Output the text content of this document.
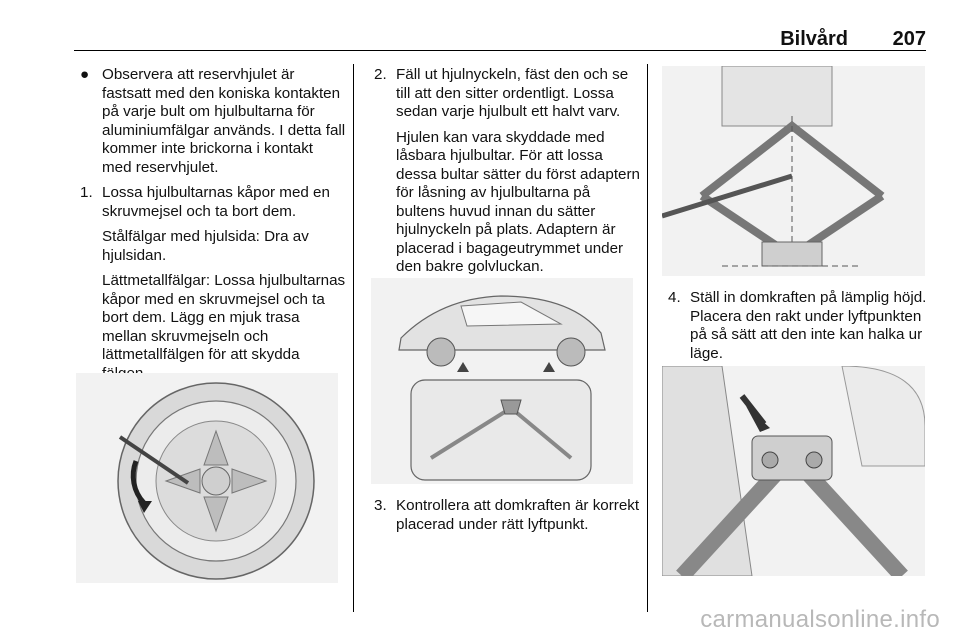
Bilvård 207
● Observera att reservhjulet är fastsatt med den koniska kontakten på varje bult om hjulbultarna för aluminiumfälgar används. I detta fall kommer inte brickorna i kontakt med reservhjulet.

1. Lossa hjulbultarnas kåpor med en skruvmejsel och ta bort dem.

Stålfälgar med hjulsida: Dra av hjulsidan.

Lättmetallfälgar: Lossa hjulbultarnas kåpor med en skruvmejsel och ta bort dem. Lägg en mjuk trasa mellan skruvmejseln och lättmetallfälgen för att skydda

2. Fäll ut hjulnyckeln, fäst den och se till att den sitter ordentligt. Lossa sedan varje hjulbult ett halvt varv.

Hjulen kan vara skyddade med låsbara hjulbultar. För att lossa dessa bultar sätter du först adaptern för låsning av hjulbultarna på bultens huvud innan du sätter hjulnyckeln på plats. Adaptern är placerad i bagageutrymmet under den bakre golvluckan.

3. Kontrollera att domkraften är korrekt placerad under rätt lyftpunkt.

4. Ställ in domkraften på lämplig höjd. Placera den rakt under lyftpunkten på så sätt att den inte kan halka ur läge.

carmanualsonline.info
